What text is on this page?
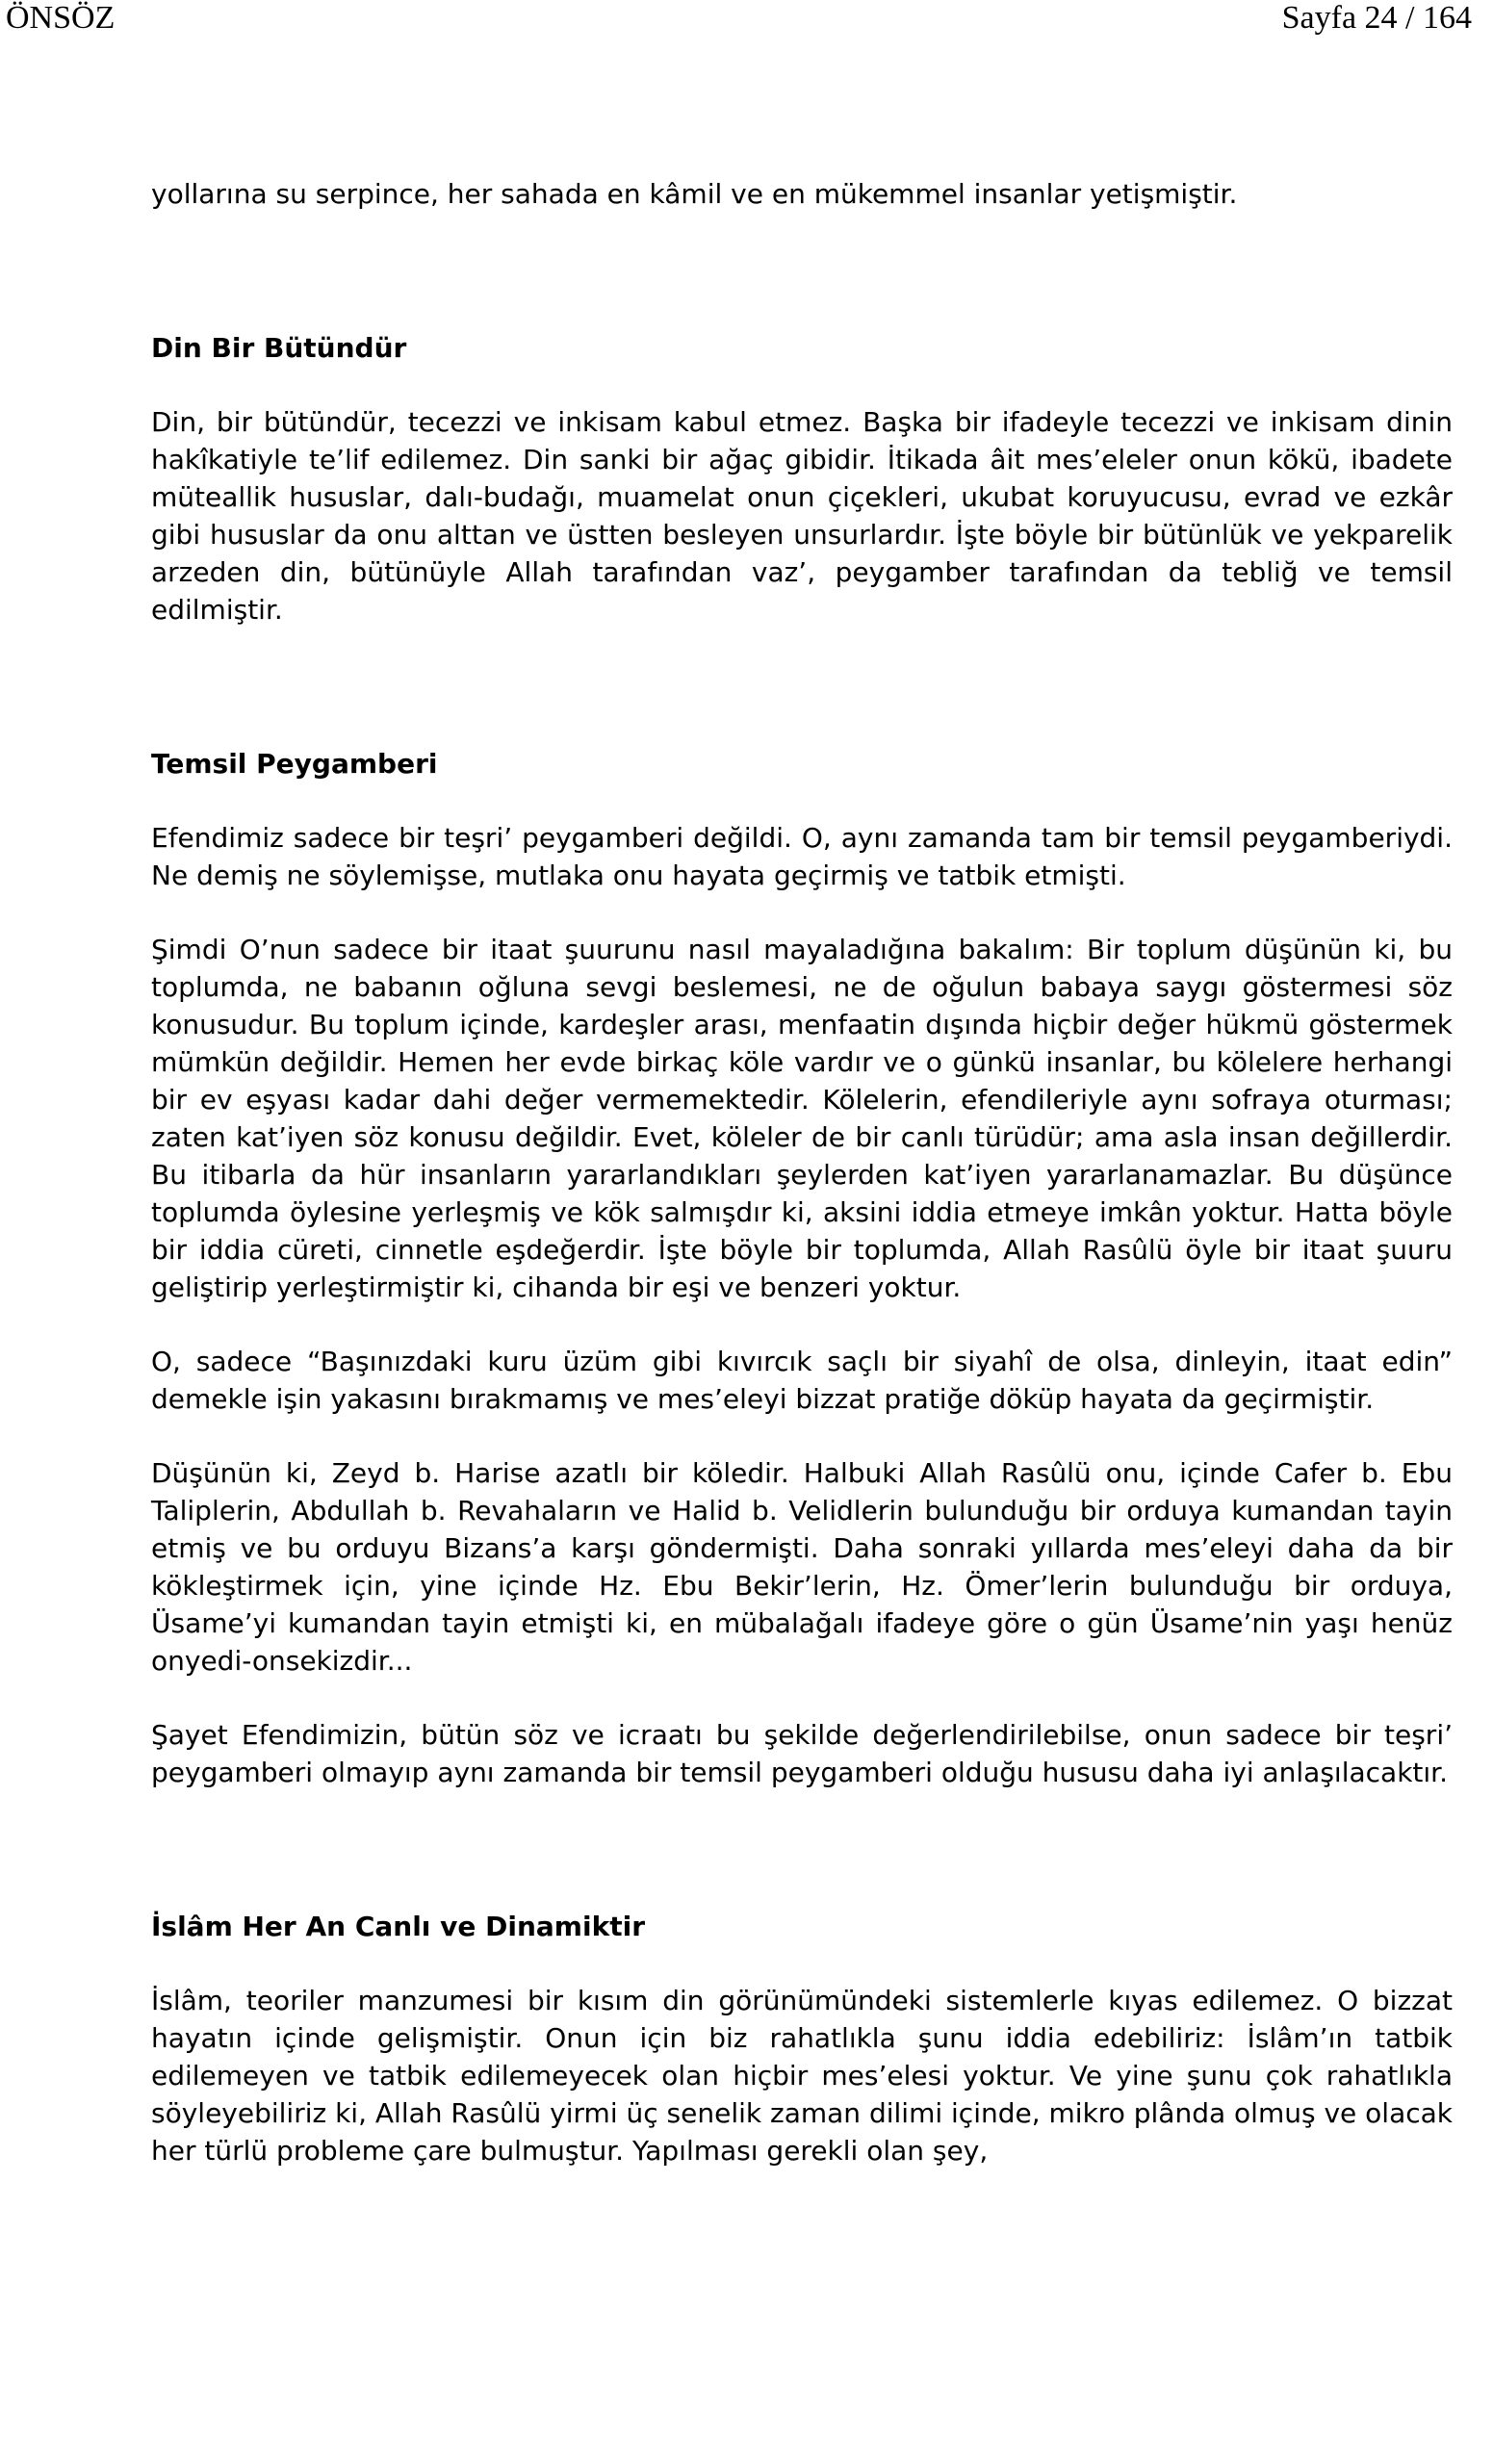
ÖNSÖZ	Sayfa 24 / 164

yollarına su serpince, her sahada en kâmil ve en mükemmel insanlar yetişmiştir.

Din Bir Bütündür

Din, bir bütündür, tecezzi ve inkisam kabul etmez. Başka bir ifadeyle tecezzi ve inkisam dinin hakîkatiyle te’lif edilemez. Din sanki bir ağaç gibidir. İtikada âit mes’eleler onun kökü, ibadete müteallik hususlar, dalı-budağı, muamelat onun çiçekleri, ukubat koruyucusu, evrad ve ezkâr gibi hususlar da onu alttan ve üstten besleyen unsurlardır. İşte böyle bir bütünlük ve yekparelik arzeden din, bütünüyle Allah tarafından vaz’, peygamber tarafından da tebliğ ve temsil edilmiştir.

Temsil Peygamberi

Efendimiz sadece bir teşri’ peygamberi değildi. O, aynı zamanda tam bir temsil peygamberiydi. Ne demiş ne söylemişse, mutlaka onu hayata geçirmiş ve tatbik etmişti.

Şimdi O’nun sadece bir itaat şuurunu nasıl mayaladığına bakalım: Bir toplum düşünün ki, bu toplumda, ne babanın oğluna sevgi beslemesi, ne de oğulun babaya saygı göstermesi söz konusudur. Bu toplum içinde, kardeşler arası, menfaatin dışında hiçbir değer hükmü göstermek mümkün değildir. Hemen her evde birkaç köle vardır ve o günkü insanlar, bu kölelere herhangi bir ev eşyası kadar dahi değer vermemektedir. Kölelerin, efendileriyle aynı sofraya oturması; zaten kat’iyen söz konusu değildir. Evet, köleler de bir canlı türüdür; ama asla insan değillerdir. Bu itibarla da hür insanların yararlandıkları şeylerden kat’iyen yararlanamazlar. Bu düşünce toplumda öylesine yerleşmiş ve kök salmışdır ki, aksini iddia etmeye imkân yoktur. Hatta böyle bir iddia cüreti, cinnetle eşdeğerdir. İşte böyle bir toplumda, Allah Rasûlü öyle bir itaat şuuru geliştirip yerleştirmiştir ki, cihanda bir eşi ve benzeri yoktur.

O, sadece “Başınızdaki kuru üzüm gibi kıvırcık saçlı bir siyahî de olsa, dinleyin, itaat edin” demekle işin yakasını bırakmamış ve mes’eleyi bizzat pratiğe döküp hayata da geçirmiştir.

Düşünün ki, Zeyd b. Harise azatlı bir köledir. Halbuki Allah Rasûlü onu, içinde Cafer b. Ebu Taliplerin, Abdullah b. Revahaların ve Halid b. Velidlerin bulunduğu bir orduya kumandan tayin etmiş ve bu orduyu Bizans’a karşı göndermişti. Daha sonraki yıllarda mes’eleyi daha da bir kökleştirmek için, yine içinde Hz. Ebu Bekir’lerin, Hz. Ömer’lerin bulunduğu bir orduya, Üsame’yi kumandan tayin etmişti ki, en mübalağalı ifadeye göre o gün Üsame’nin yaşı henüz onyedi-onsekizdir...

Şayet Efendimizin, bütün söz ve icraatı bu şekilde değerlendirilebilse, onun sadece bir teşri’ peygamberi olmayıp aynı zamanda bir temsil peygamberi olduğu hususu daha iyi anlaşılacaktır.

İslâm Her An Canlı ve Dinamiktir

İslâm, teoriler manzumesi bir kısım din görünümündeki sistemlerle kıyas edilemez. O bizzat hayatın içinde gelişmiştir. Onun için biz rahatlıkla şunu iddia edebiliriz: İslâm’ın tatbik edilemeyen ve tatbik edilemeyecek olan hiçbir mes’elesi yoktur. Ve yine şunu çok rahatlıkla söyleyebiliriz ki, Allah Rasûlü yirmi üç senelik zaman dilimi içinde, mikro plânda olmuş ve olacak her türlü probleme çare bulmuştur. Yapılması gerekli olan şey,
